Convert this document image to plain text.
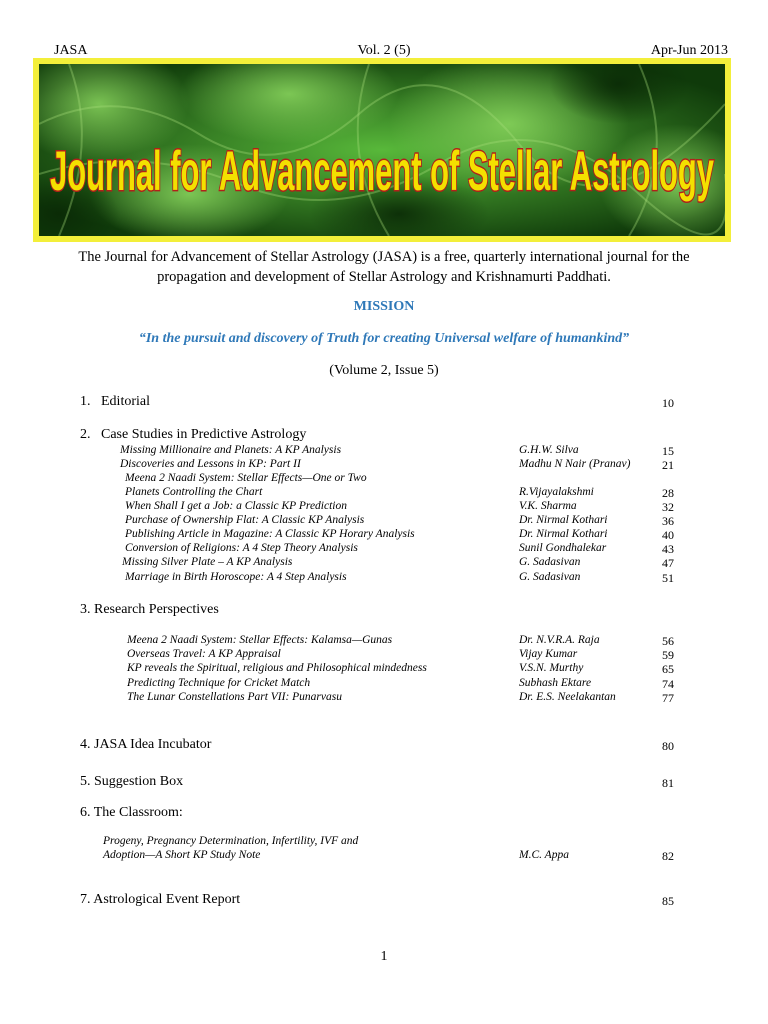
JASA	Vol. 2 (5)	Apr-Jun 2013
Journal for Advancement of Stellar Astrology
The Journal for Advancement of Stellar Astrology (JASA) is a free, quarterly international journal for the
propagation and development of Stellar Astrology and Krishnamurti Paddhati.
MISSION
“In the pursuit and discovery of Truth for creating Universal welfare of humankind”
(Volume 2, Issue 5)
1. Editorial	10
2. Case Studies in Predictive Astrology
Missing Millionaire and Planets: A KP Analysis	G.H.W. Silva	15
Discoveries and Lessons in KP: Part II	Madhu N Nair (Pranav)	21
Meena 2 Naadi System: Stellar Effects—One or Two
Planets Controlling the Chart	R.Vijayalakshmi	28
When Shall I get a Job: a Classic KP Prediction	V.K. Sharma	32
Purchase of Ownership Flat: A Classic KP Analysis	Dr. Nirmal Kothari	36
Publishing Article in Magazine: A Classic KP Horary Analysis	Dr. Nirmal Kothari	40
Conversion of Religions: A 4 Step Theory Analysis	Sunil Gondhalekar	43
Missing Silver Plate – A KP Analysis	G. Sadasivan	47
Marriage in Birth Horoscope: A 4 Step Analysis	G. Sadasivan	51
3. Research Perspectives
Meena 2 Naadi System: Stellar Effects: Kalamsa—Gunas	Dr. N.V.R.A. Raja	56
Overseas Travel: A KP Appraisal	Vijay Kumar	59
KP reveals the Spiritual, religious and Philosophical mindedness	V.S.N. Murthy	65
Predicting Technique for Cricket Match	Subhash Ektare	74
The Lunar Constellations Part VII: Punarvasu	Dr. E.S. Neelakantan	77
4. JASA Idea Incubator	80
5. Suggestion Box	81
6. The Classroom:
Progeny, Pregnancy Determination, Infertility, IVF and
Adoption—A Short KP Study Note	M.C. Appa	82
7. Astrological Event Report	85
1
